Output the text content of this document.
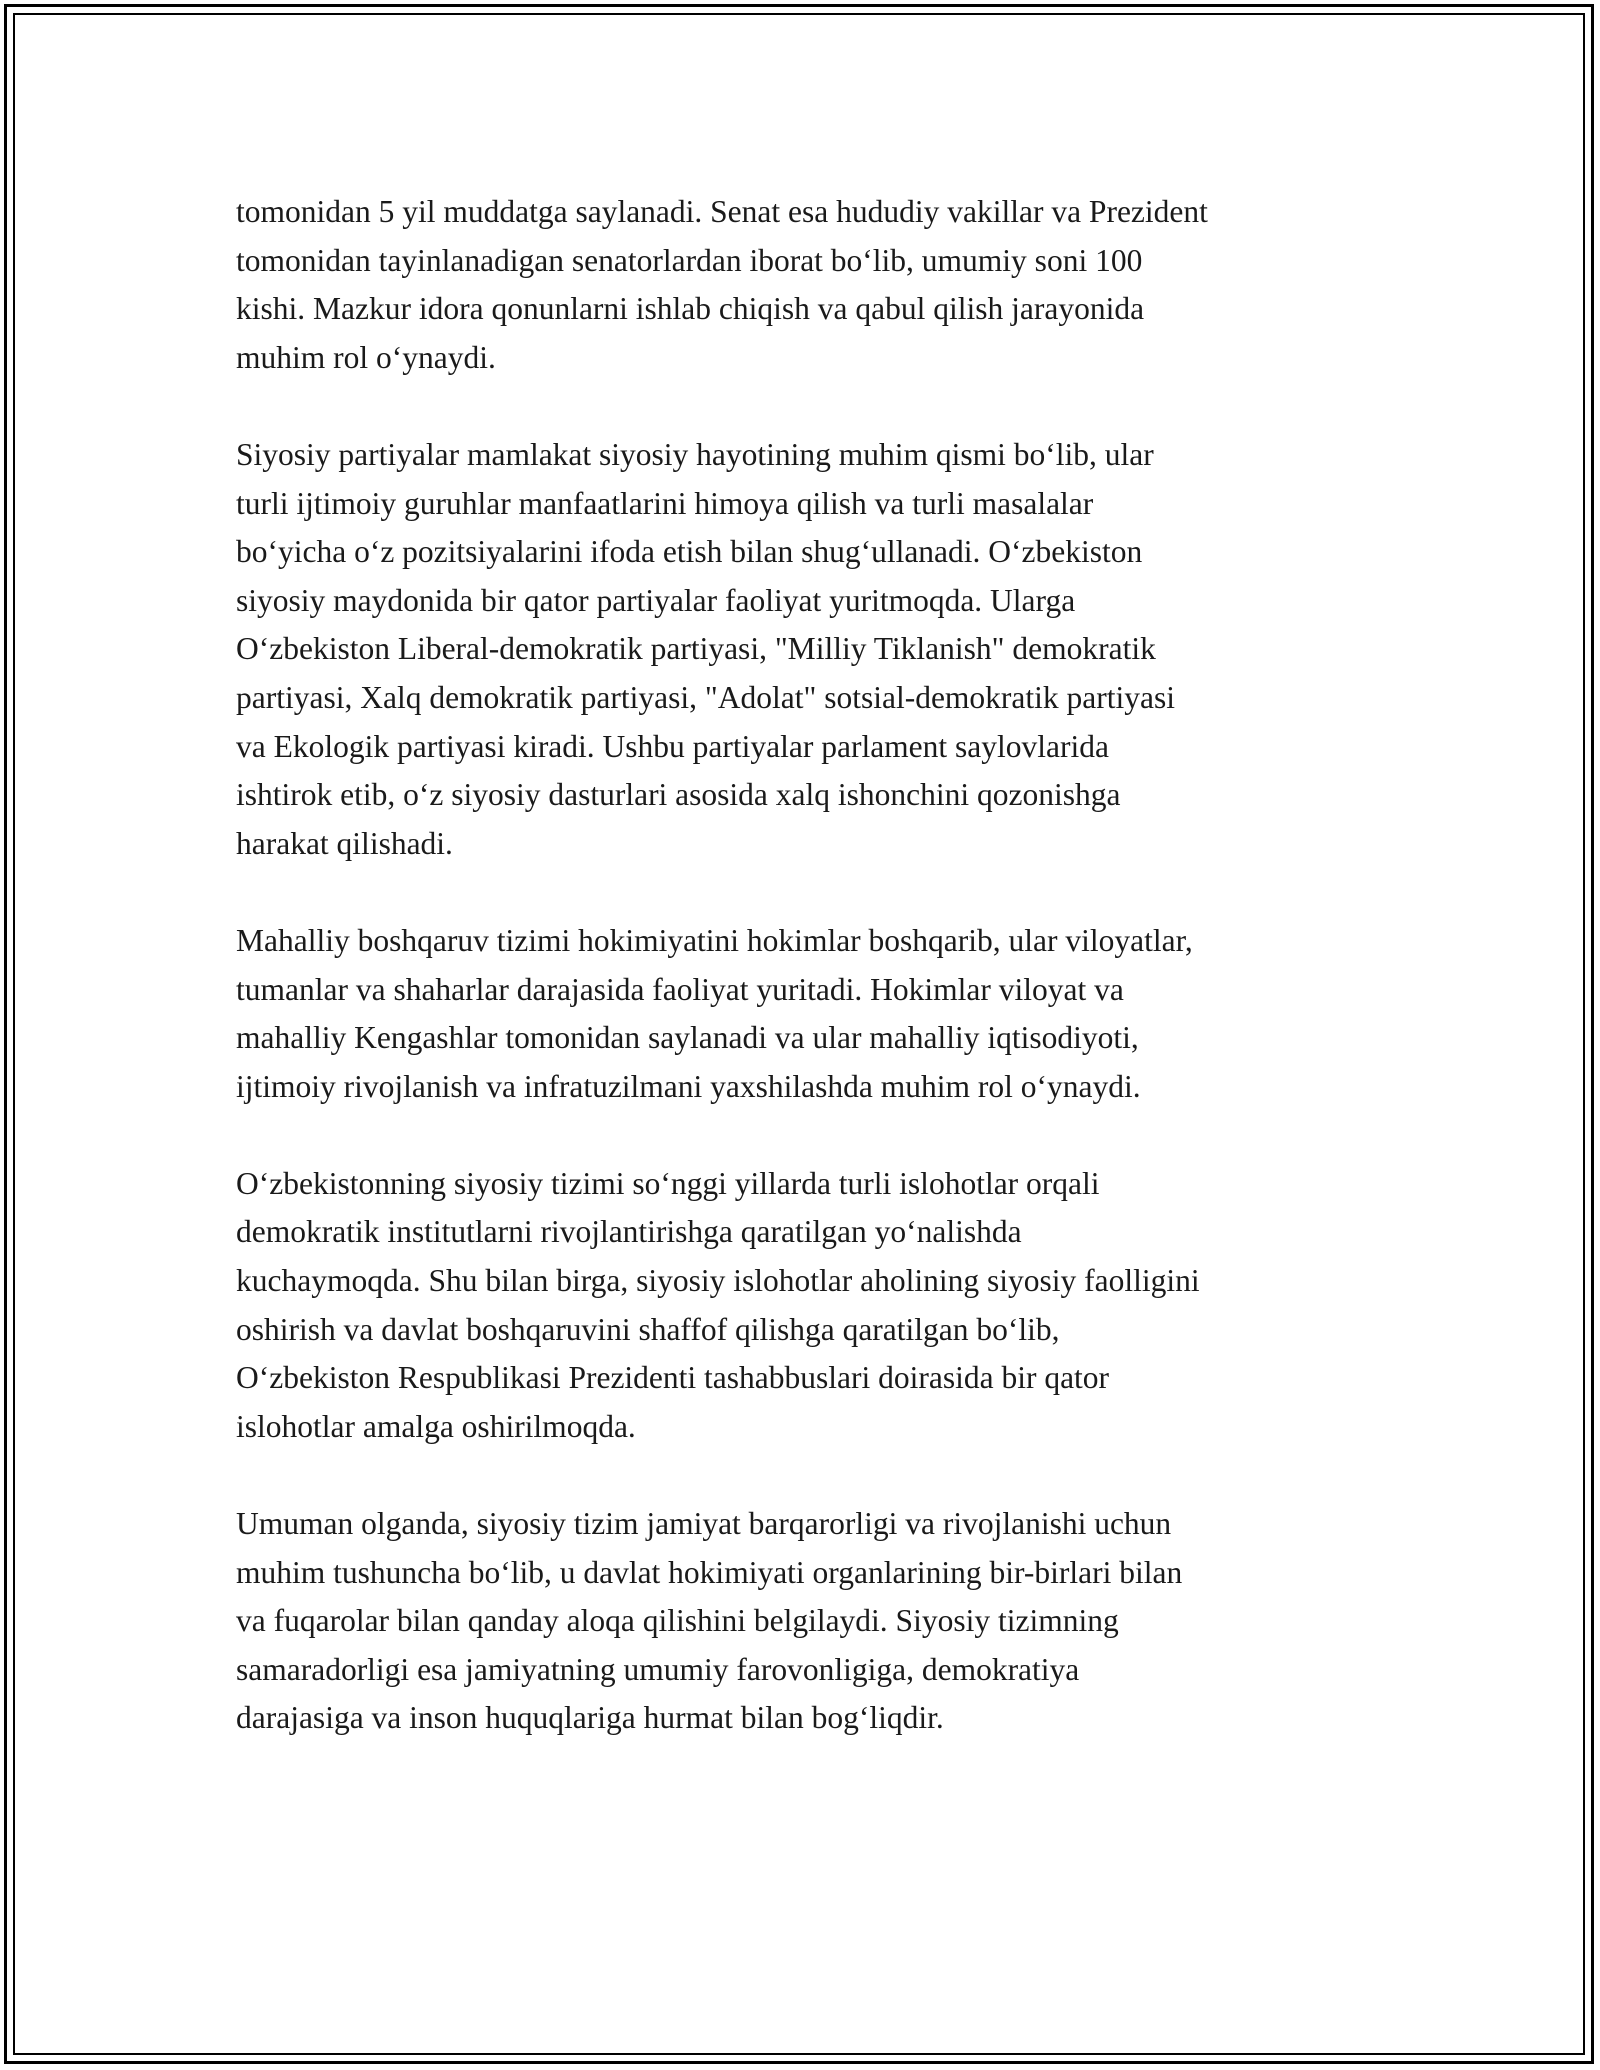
tomonidan 5 yil muddatga saylanadi. Senat esa hududiy vakillar va Prezident
tomonidan tayinlanadigan senatorlardan iborat boʻlib, umumiy soni 100
kishi. Mazkur idora qonunlarni ishlab chiqish va qabul qilish jarayonida
muhim rol oʻynaydi.
Siyosiy partiyalar mamlakat siyosiy hayotining muhim qismi boʻlib, ular
turli ijtimoiy guruhlar manfaatlarini himoya qilish va turli masalalar
boʻyicha oʻz pozitsiyalarini ifoda etish bilan shugʻullanadi. Oʻzbekiston
siyosiy maydonida bir qator partiyalar faoliyat yuritmoqda. Ularga
Oʻzbekiston Liberal-demokratik partiyasi, "Milliy Tiklanish" demokratik
partiyasi, Xalq demokratik partiyasi, "Adolat" sotsial-demokratik partiyasi
va Ekologik partiyasi kiradi. Ushbu partiyalar parlament saylovlarida
ishtirok etib, oʻz siyosiy dasturlari asosida xalq ishonchini qozonishga
harakat qilishadi.
Mahalliy boshqaruv tizimi hokimiyatini hokimlar boshqarib, ular viloyatlar,
tumanlar va shaharlar darajasida faoliyat yuritadi. Hokimlar viloyat va
mahalliy Kengashlar tomonidan saylanadi va ular mahalliy iqtisodiyoti,
ijtimoiy rivojlanish va infratuzilmani yaxshilashda muhim rol oʻynaydi.
Oʻzbekistonning siyosiy tizimi soʻnggi yillarda turli islohotlar orqali
demokratik institutlarni rivojlantirishga qaratilgan yoʻnalishda
kuchaymoqda. Shu bilan birga, siyosiy islohotlar aholining siyosiy faolligini
oshirish va davlat boshqaruvini shaffof qilishga qaratilgan boʻlib,
Oʻzbekiston Respublikasi Prezidenti tashabbuslari doirasida bir qator
islohotlar amalga oshirilmoqda.
Umuman olganda, siyosiy tizim jamiyat barqarorligi va rivojlanishi uchun
muhim tushuncha boʻlib, u davlat hokimiyati organlarining bir-birlari bilan
va fuqarolar bilan qanday aloqa qilishini belgilaydi. Siyosiy tizimning
samaradorligi esa jamiyatning umumiy farovonligiga, demokratiya
darajasiga va inson huquqlariga hurmat bilan bogʻliqdir.
